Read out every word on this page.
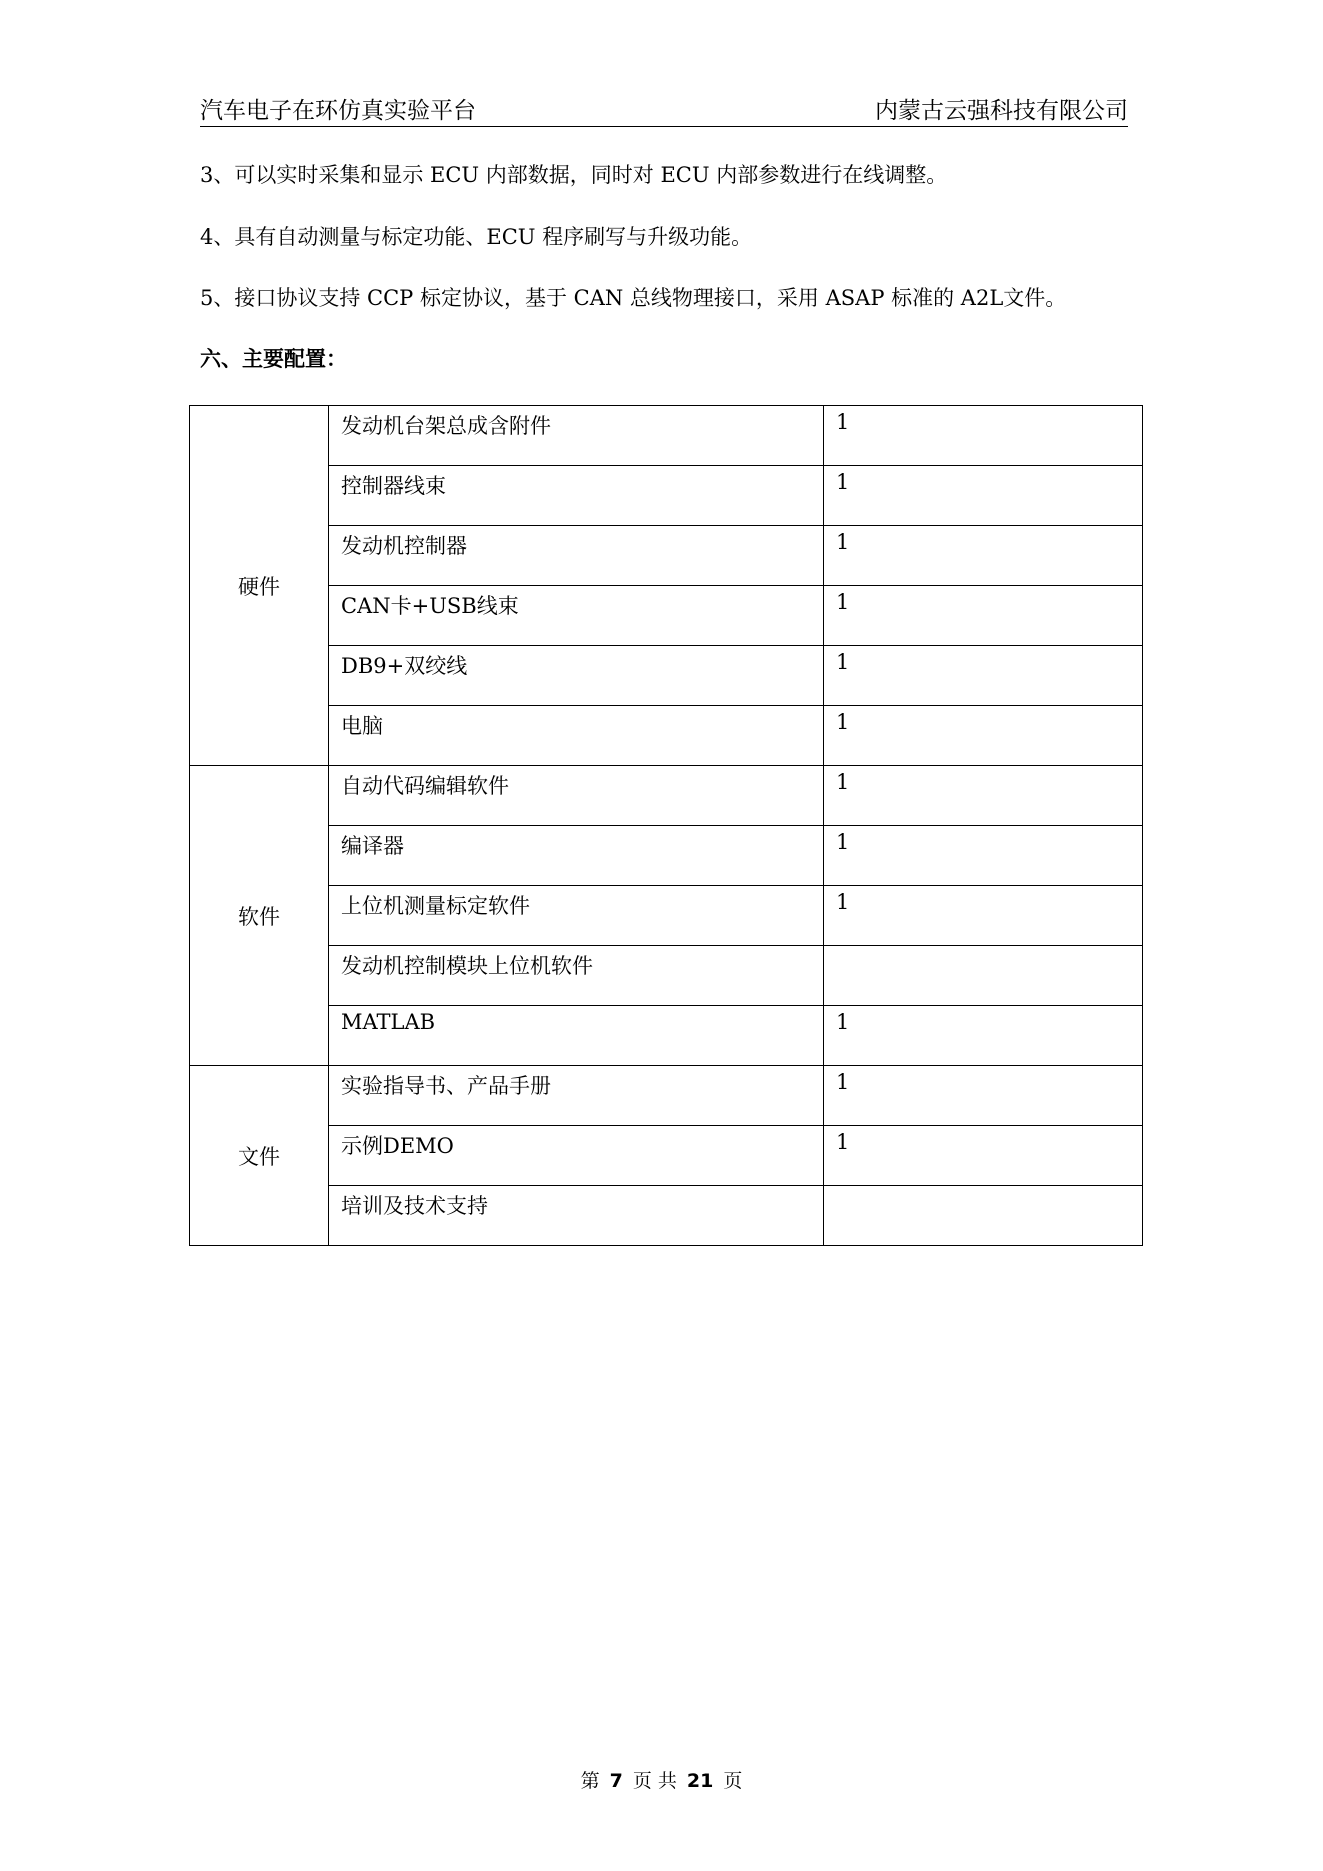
汽车电子在环仿真实验平台	内蒙古云强科技有限公司
3、可以实时采集和显示 ECU 内部数据，同时对 ECU 内部参数进行在线调整。
4、具有自动测量与标定功能、ECU 程序刷写与升级功能。
5、接口协议支持 CCP 标定协议，基于 CAN 总线物理接口，采用 ASAP 标准的 A2L文件。
六、主要配置：
硬件	发动机台架总成含附件	1
	控制器线束	1
	发动机控制器	1
	CAN卡+USB线束	1
	DB9+双绞线	1
	电脑	1
软件	自动代码编辑软件	1
	编译器	1
	上位机测量标定软件	1
	发动机控制模块上位机软件	
	MATLAB	1
文件	实验指导书、产品手册	1
	示例DEMO	1
	培训及技术支持	
第 7 页 共 21 页
